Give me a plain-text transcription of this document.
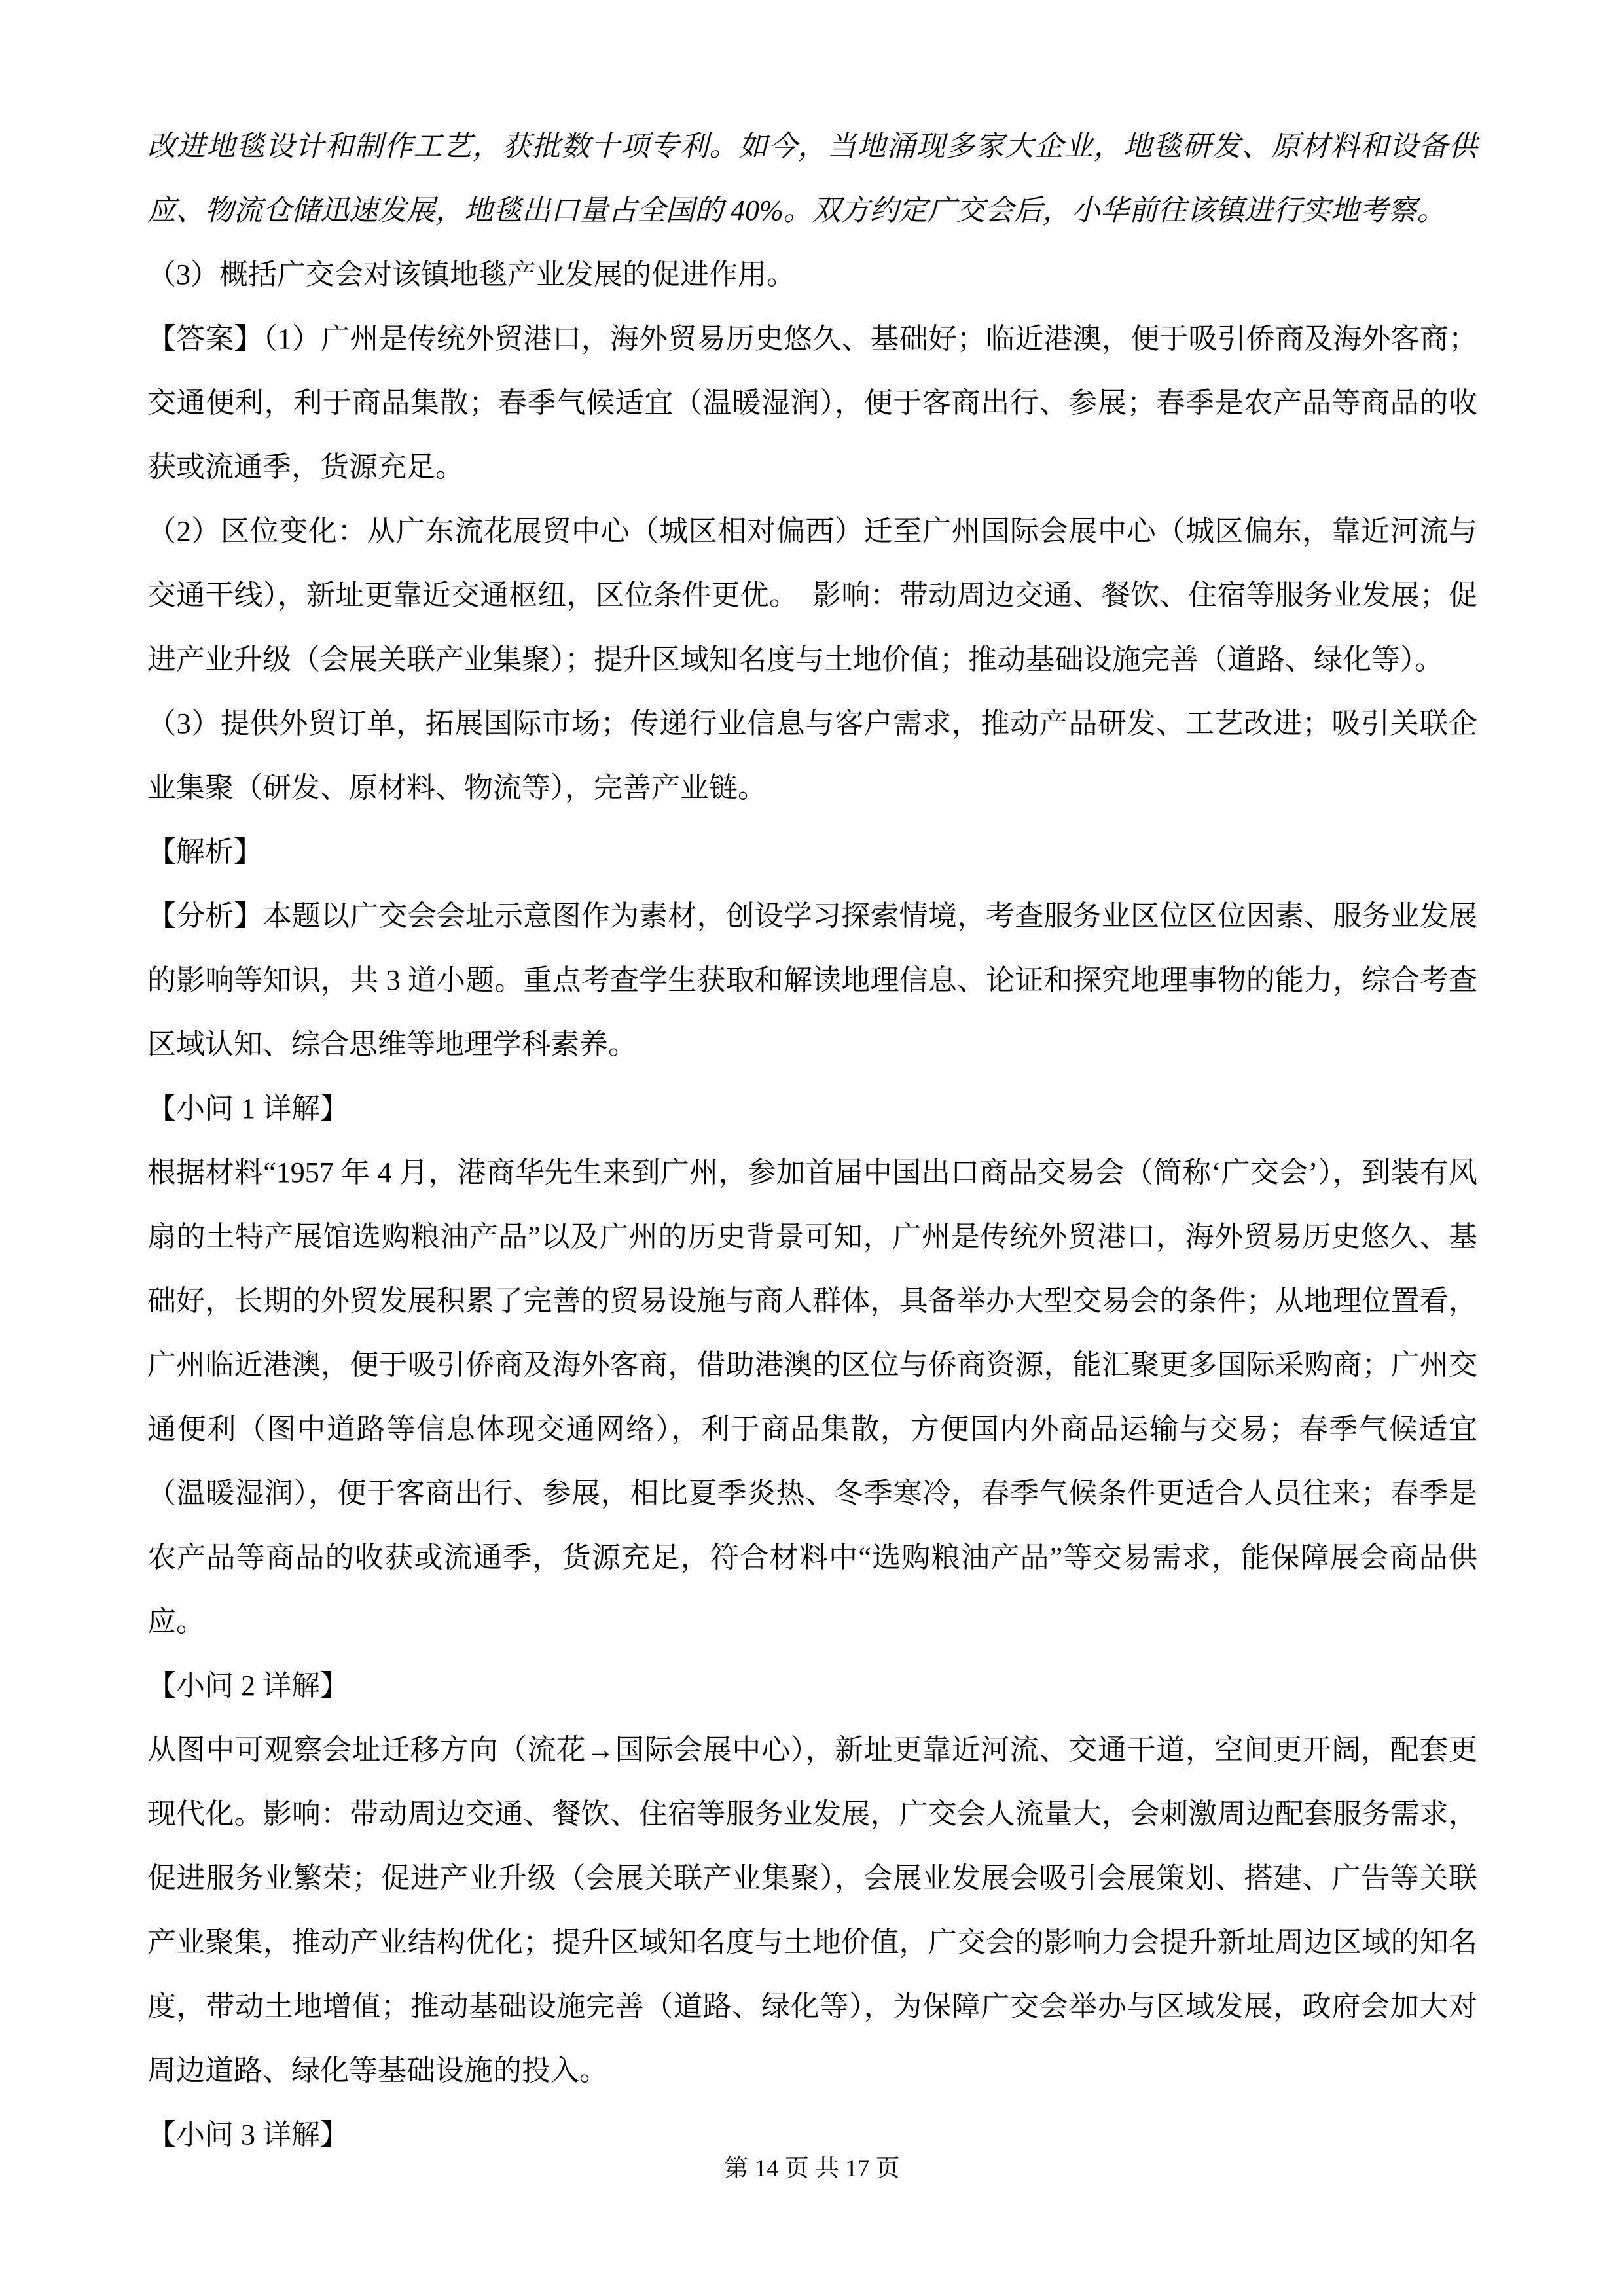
改进地毯设计和制作工艺，获批数十项专利。如今，当地涌现多家大企业，地毯研发、原材料和设备供应、物流仓储迅速发展，地毯出口量占全国的 40%。双方约定广交会后，小华前往该镇进行实地考察。

（3）概括广交会对该镇地毯产业发展的促进作用。

【答案】（1）广州是传统外贸港口，海外贸易历史悠久、基础好；临近港澳，便于吸引侨商及海外客商；交通便利，利于商品集散；春季气候适宜（温暖湿润），便于客商出行、参展；春季是农产品等商品的收获或流通季，货源充足。

（2）区位变化：从广东流花展贸中心（城区相对偏西）迁至广州国际会展中心（城区偏东，靠近河流与交通干线），新址更靠近交通枢纽，区位条件更优。　影响：带动周边交通、餐饮、住宿等服务业发展；促进产业升级（会展关联产业集聚）；提升区域知名度与土地价值；推动基础设施完善（道路、绿化等）。

（3）提供外贸订单，拓展国际市场；传递行业信息与客户需求，推动产品研发、工艺改进；吸引关联企业集聚（研发、原材料、物流等），完善产业链。

【解析】

【分析】本题以广交会会址示意图作为素材，创设学习探索情境，考查服务业区位区位因素、服务业发展的影响等知识，共 3 道小题。重点考查学生获取和解读地理信息、论证和探究地理事物的能力，综合考查区域认知、综合思维等地理学科素养。

【小问 1 详解】

根据材料“1957 年 4 月，港商华先生来到广州，参加首届中国出口商品交易会（简称‘广交会’），到装有风扇的土特产展馆选购粮油产品”以及广州的历史背景可知，广州是传统外贸港口，海外贸易历史悠久、基础好，长期的外贸发展积累了完善的贸易设施与商人群体，具备举办大型交易会的条件；从地理位置看，广州临近港澳，便于吸引侨商及海外客商，借助港澳的区位与侨商资源，能汇聚更多国际采购商；广州交通便利（图中道路等信息体现交通网络），利于商品集散，方便国内外商品运输与交易；春季气候适宜（温暖湿润），便于客商出行、参展，相比夏季炎热、冬季寒冷，春季气候条件更适合人员往来；春季是农产品等商品的收获或流通季，货源充足，符合材料中“选购粮油产品”等交易需求，能保障展会商品供应。

【小问 2 详解】

从图中可观察会址迁移方向（流花→国际会展中心），新址更靠近河流、交通干道，空间更开阔，配套更现代化。影响：带动周边交通、餐饮、住宿等服务业发展，广交会人流量大，会刺激周边配套服务需求，促进服务业繁荣；促进产业升级（会展关联产业集聚），会展业发展会吸引会展策划、搭建、广告等关联产业聚集，推动产业结构优化；提升区域知名度与土地价值，广交会的影响力会提升新址周边区域的知名度，带动土地增值；推动基础设施完善（道路、绿化等），为保障广交会举办与区域发展，政府会加大对周边道路、绿化等基础设施的投入。

【小问 3 详解】

第 14 页 共 17 页
